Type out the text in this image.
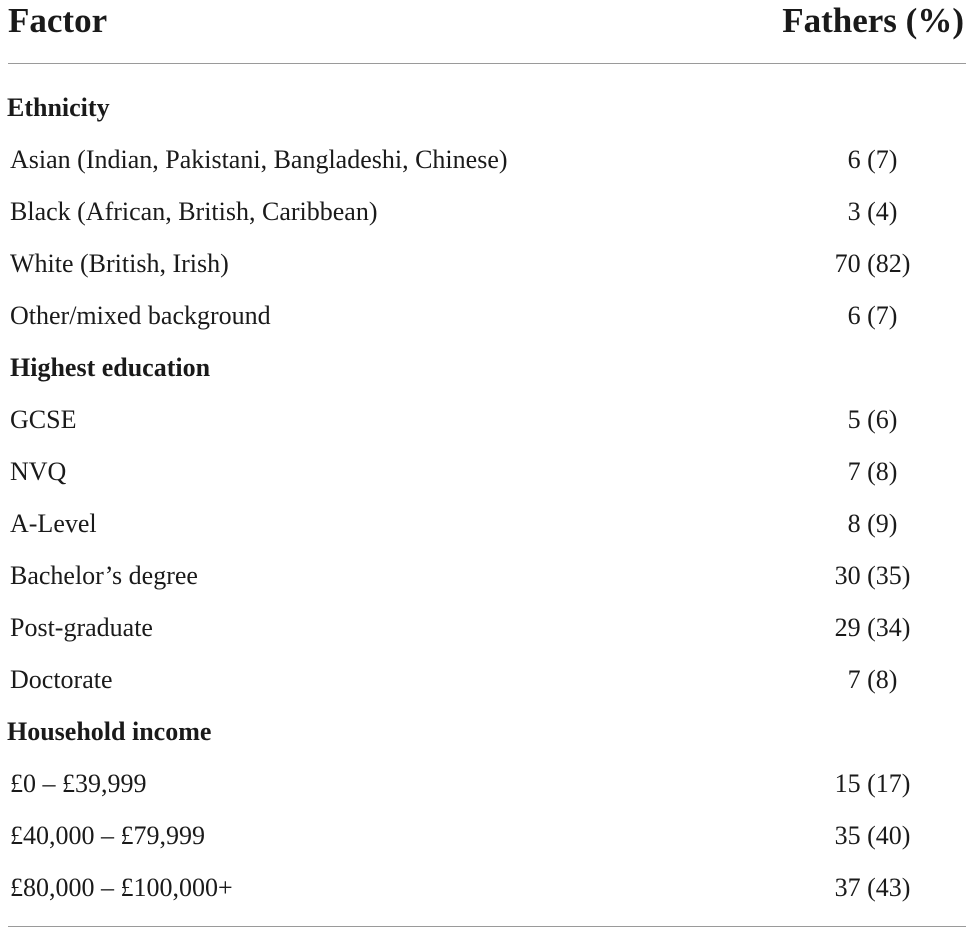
Factor	Fathers (%)
Ethnicity
Asian (Indian, Pakistani, Bangladeshi, Chinese)	6 (7)
Black (African, British, Caribbean)	3 (4)
White (British, Irish)	70 (82)
Other/mixed background	6 (7)
Highest education
GCSE	5 (6)
NVQ	7 (8)
A-Level	8 (9)
Bachelor’s degree	30 (35)
Post-graduate	29 (34)
Doctorate	7 (8)
Household income
£0 – £39,999	15 (17)
£40,000 – £79,999	35 (40)
£80,000 – £100,000+	37 (43)
